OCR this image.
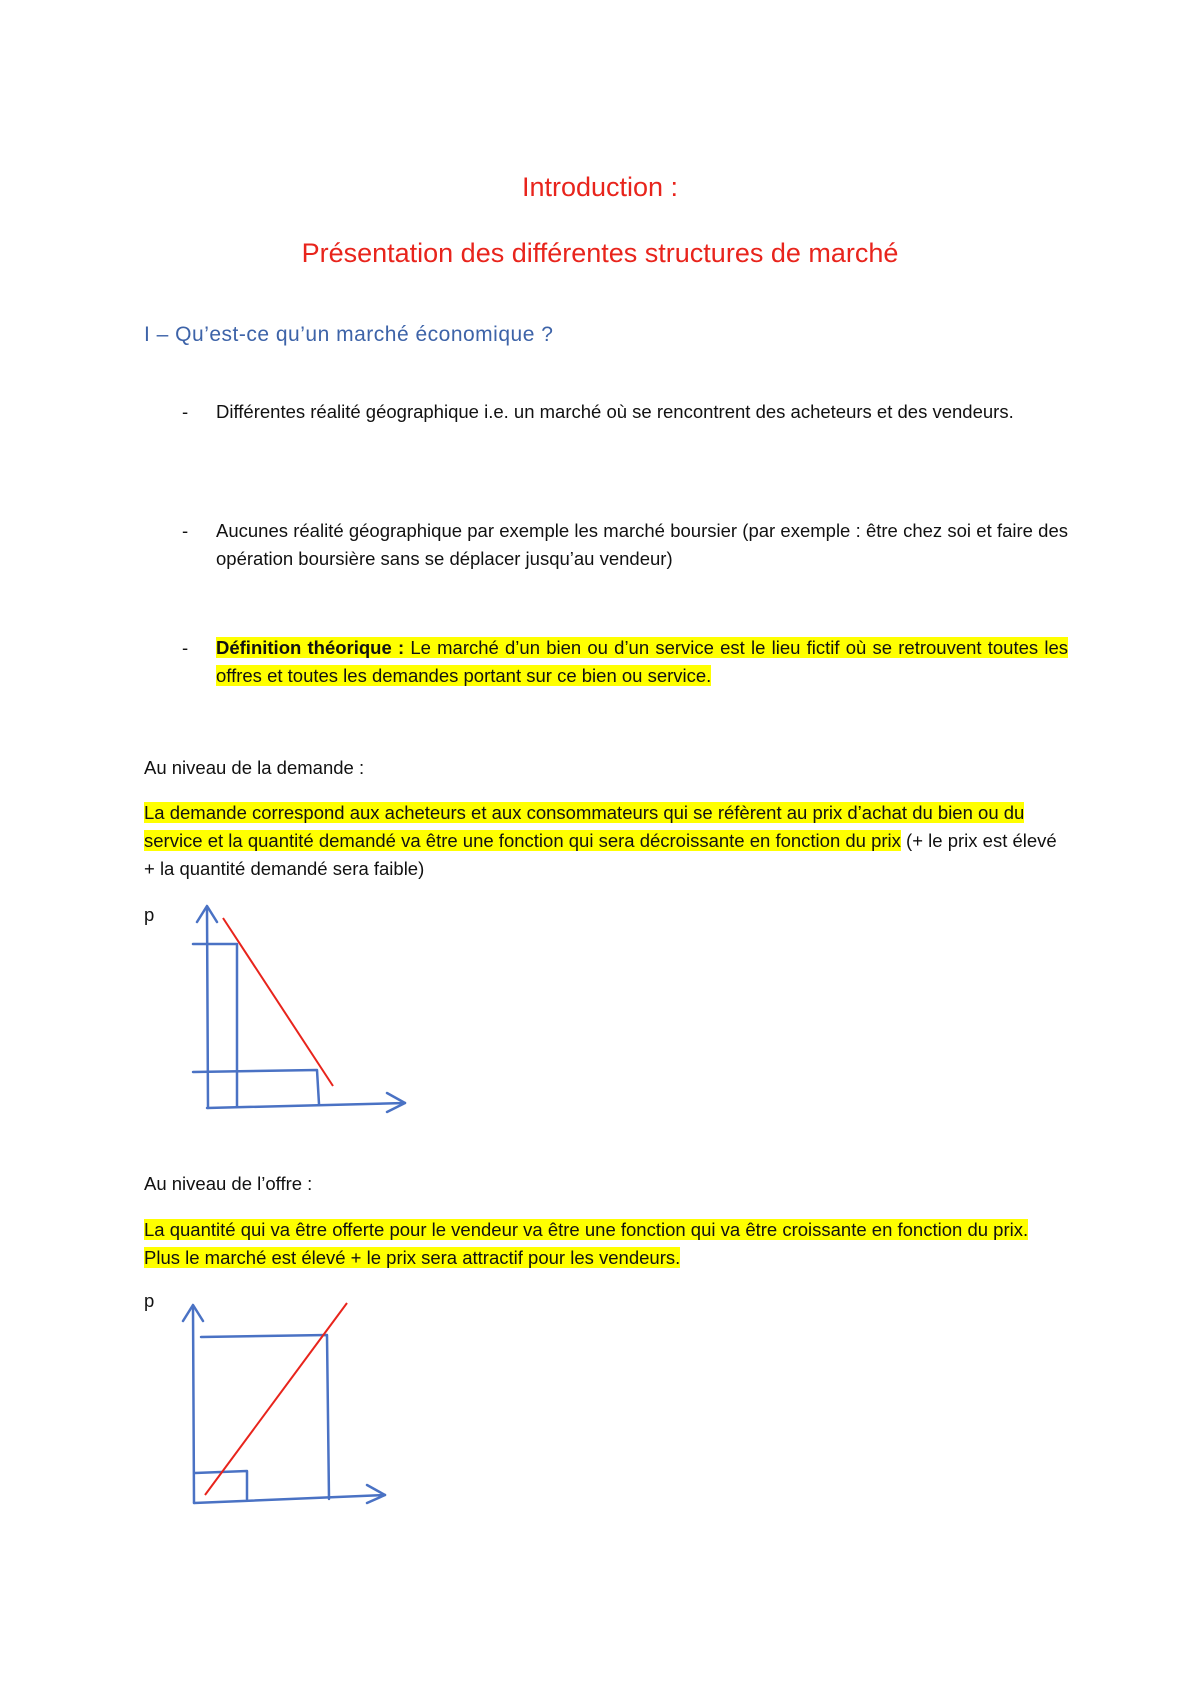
Introduction :
Présentation des différentes structures de marché
I – Qu’est-ce qu’un marché économique ?
- Différentes réalité géographique i.e. un marché où se rencontrent des acheteurs et des vendeurs.
- Aucunes réalité géographique par exemple les marché boursier (par exemple : être chez soi et faire des opération boursière sans se déplacer jusqu’au vendeur)
- Définition théorique : Le marché d’un bien ou d’un service est le lieu fictif où se retrouvent toutes les offres et toutes les demandes portant sur ce bien ou service.
Au niveau de la demande :
La demande correspond aux acheteurs et aux consommateurs qui se réfèrent au prix d’achat du bien ou du service et la quantité demandé va être une fonction qui sera décroissante en fonction du prix (+ le prix est élevé + la quantité demandé sera faible)
p
Au niveau de l’offre :
La quantité qui va être offerte pour le vendeur va être une fonction qui va être croissante en fonction du prix. Plus le marché est élevé + le prix sera attractif pour les vendeurs.
p
